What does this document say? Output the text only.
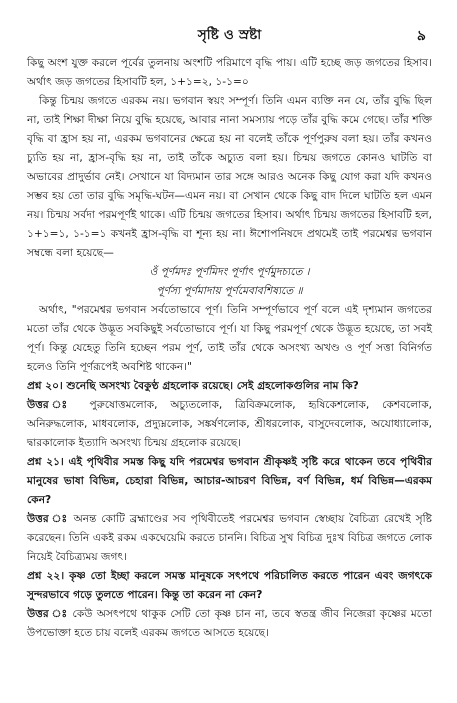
সৃষ্টি ও স্রষ্টা	৯

কিছু অংশ যুক্ত করলে পূর্বের তুলনায় অংশটি পরিমাণে বৃদ্ধি পায়। এটি হচ্ছে জড় জগতের হিসাব। অর্থাৎ জড় জগতের হিসাবটি হল, ১+১=২, ১-১=০

কিন্তু চিন্ময় জগতে এরকম নয়। ভগবান স্বয়ং সম্পূর্ণ। তিনি এমন ব্যক্তি নন যে, তাঁর বুদ্ধি ছিল না, তাই শিক্ষা দীক্ষা নিয়ে বুদ্ধি হয়েছে, আবার নানা সমস্যায় পড়ে তাঁর বুদ্ধি কমে গেছে। তাঁর শক্তি বৃদ্ধি বা হ্রাস হয় না, এরকম ভগবানের ক্ষেত্রে হয় না বলেই তাঁকে পূর্ণপুরুষ বলা হয়। তাঁর কখনও চ্যুতি হয় না, হ্রাস-বৃদ্ধি হয় না, তাই তাঁকে অচ্যুত বলা হয়। চিন্ময় জগতে কোনও ঘাটতি বা অভাবের প্রাদুর্ভাব নেই। সেখানে যা বিদ্যমান তার সঙ্গে আরও অনেক কিছু যোগ করা যদি কখনও সম্ভব হয় তো তার বুদ্ধি সমৃদ্ধি-ঘটন—এমন নয়। বা সেখান থেকে কিছু বাদ দিলে ঘাটতি হল এমন নয়। চিন্ময় সর্বদা পরমপূর্ণই থাকে। এটি চিন্ময় জগতের হিসাব। অর্থাৎ চিন্ময় জগতের হিসাবটি হল, ১+১=১, ১-১=১ কখনই হ্রাস-বৃদ্ধি বা শূন্য হয় না। ঈশোপনিষদে প্রথমেই তাই পরমেশ্বর ভগবান সম্বন্ধে বলা হয়েছে—

ওঁ পূর্ণমদঃ পূর্ণমিদং পূর্ণাৎ পূর্ণমুদচ্যতে ।
পূর্ণস্য পূর্ণমাদায় পূর্ণমেবাবশিষ্যতে ॥

অর্থাৎ, "পরমেশ্বর ভগবান সর্বতোভাবে পূর্ণ। তিনি সম্পূর্ণভাবে পূর্ণ বলে এই দৃশ্যমান জগতের মতো তাঁর থেকে উদ্ভূত সবকিছুই সর্বতোভাবে পূর্ণ। যা কিছু পরমপূর্ণ থেকে উদ্ভূত হয়েছে, তা সবই পূর্ণ। কিন্তু যেহেতু তিনি হচ্ছেন পরম পূর্ণ, তাই তাঁর থেকে অসংখ্য অখণ্ড ও পূর্ণ সত্তা বিনির্গত হলেও তিনি পূর্ণরূপেই অবশিষ্ট থাকেন।"

প্রশ্ন ২০। শুনেছি অসংখ্য বৈকুণ্ঠ গ্রহলোক রয়েছে। সেই গ্রহলোকগুলির নাম কি?

উত্তর ঃ পুরুষোত্তমলোক, অচ্যুতলোক, ত্রিবিক্রমলোক, হৃষিকেশলোক, কেশবলোক, অনিরুদ্ধলোক, মাধবলোক, প্রদ্যুম্নলোক, সঙ্কর্ষণলোক, শ্রীধরলোক, বাসুদেবলোক, অযোধ্যালোক, দ্বারকালোক ইত্যাদি অসংখ্য চিন্ময় গ্রহলোক রয়েছে।

প্রশ্ন ২১। এই পৃথিবীর সমস্ত কিছু যদি পরমেশ্বর ভগবান শ্রীকৃষ্ণই সৃষ্টি করে থাকেন তবে পৃথিবীর মানুষের ভাষা বিভিন্ন, চেহারা বিভিন্ন, আচার-আচরণ বিভিন্ন, বর্ণ বিভিন্ন, ধর্ম বিভিন্ন—এরকম কেন?

উত্তর ঃ অনন্ত কোটি ব্রহ্মাণ্ডের সব পৃথিবীতেই পরমেশ্বর ভগবান স্বেচ্ছায় বৈচিত্র্য রেখেই সৃষ্টি করেছেন। তিনি একই রকম একঘেয়েমি করতে চাননি। বিচিত্র সুখ বিচিত্র দুঃখ বিচিত্র জগতে লোক নিয়েই বৈচিত্র্যময় জগৎ।

প্রশ্ন ২২। কৃষ্ণ তো ইচ্ছা করলে সমস্ত মানুষকে সৎপথে পরিচালিত করতে পারেন এবং জগৎকে সুন্দরভাবে গড়ে তুলতে পারেন। কিন্তু তা করেন না কেন?

উত্তর ঃ কেউ অসৎপথে থাকুক সেটি তো কৃষ্ণ চান না, তবে স্বতন্ত্র জীব নিজেরা কৃষ্ণের মতো উপভোক্তা হতে চায় বলেই এরকম জগতে আসতে হয়েছে।
